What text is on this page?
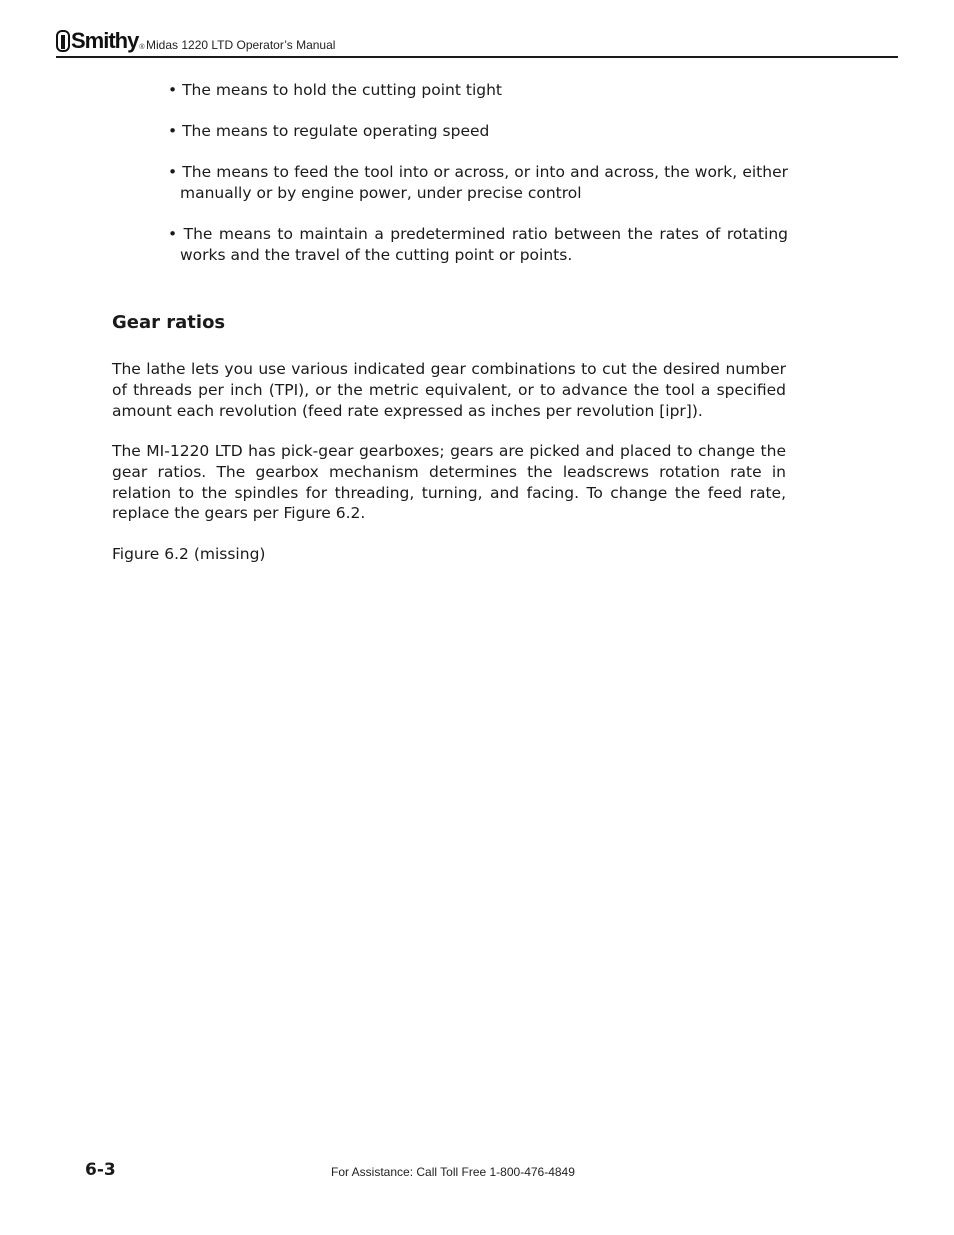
Smithy ® Midas 1220 LTD Operator’s Manual

• The means to hold the cutting point tight

• The means to regulate operating speed

• The means to feed the tool into or across, or into and across, the work, either manually or by engine power, under precise control

• The means to maintain a predetermined ratio between the rates of rotating works and the travel of the cutting point or points.

Gear ratios

The lathe lets you use various indicated gear combinations to cut the desired number of threads per inch (TPI), or the metric equivalent, or to advance the tool a specified amount each revolution (feed rate expressed as inches per revolution [ipr]).

The MI-1220 LTD has pick-gear gearboxes; gears are picked and placed to change the gear ratios. The gearbox mechanism determines the leadscrews rotation rate in relation to the spindles for threading, turning, and facing. To change the feed rate, replace the gears per Figure 6.2.

Figure 6.2 (missing)

6-3	For Assistance: Call Toll Free 1-800-476-4849
